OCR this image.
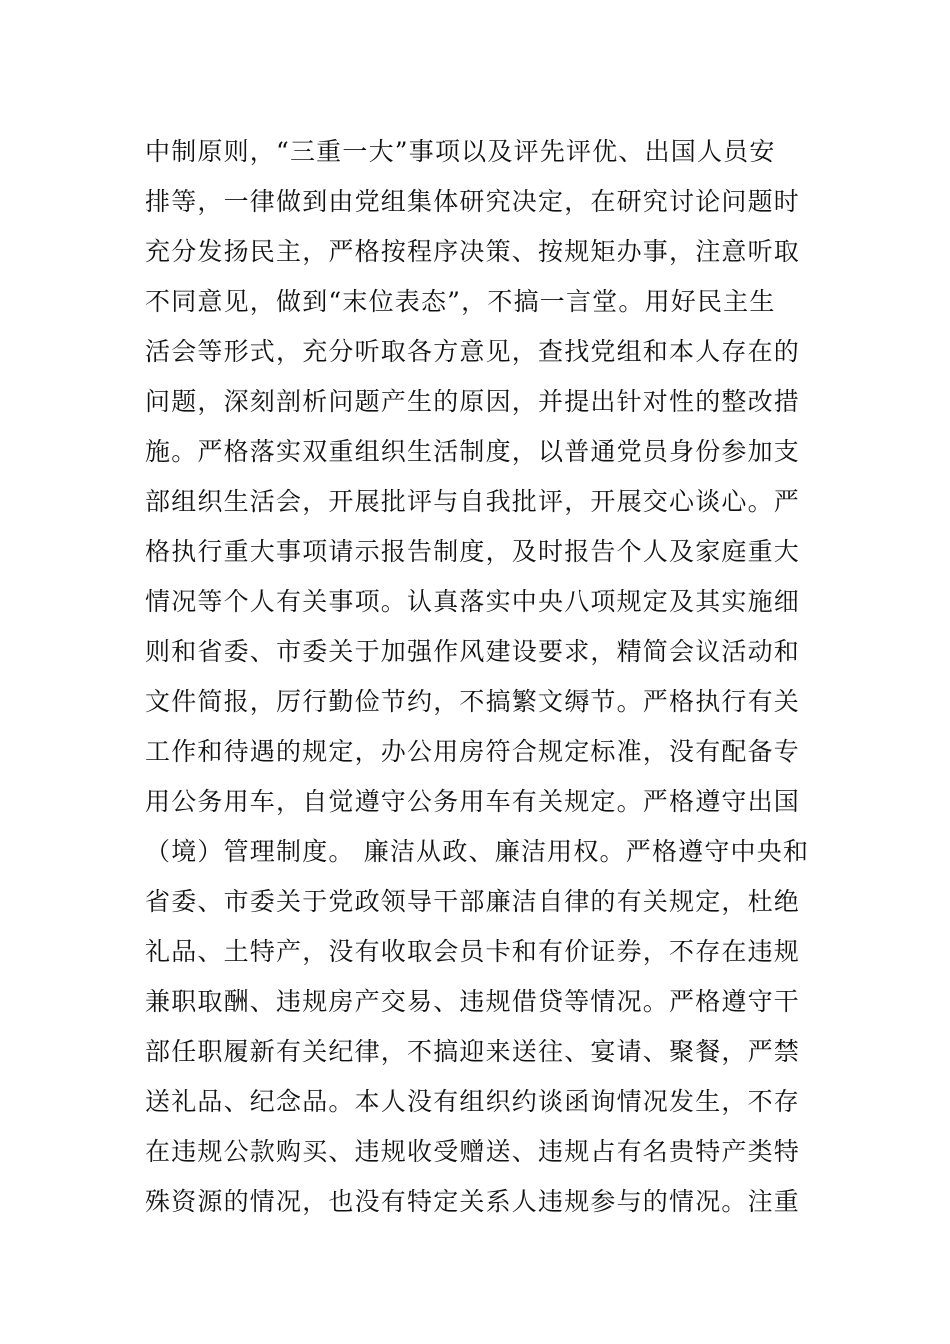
中制原则，“三重一大”事项以及评先评优、出国人员安
排等，一律做到由党组集体研究决定，在研究讨论问题时
充分发扬民主，严格按程序决策、按规矩办事，注意听取
不同意见，做到“末位表态”，不搞一言堂。用好民主生
活会等形式，充分听取各方意见，查找党组和本人存在的
问题，深刻剖析问题产生的原因，并提出针对性的整改措
施。严格落实双重组织生活制度，以普通党员身份参加支
部组织生活会，开展批评与自我批评，开展交心谈心。严
格执行重大事项请示报告制度，及时报告个人及家庭重大
情况等个人有关事项。认真落实中央八项规定及其实施细
则和省委、市委关于加强作风建设要求，精简会议活动和
文件简报，厉行勤俭节约，不搞繁文缛节。严格执行有关
工作和待遇的规定，办公用房符合规定标准，没有配备专
用公务用车，自觉遵守公务用车有关规定。严格遵守出国
（境）管理制度。 廉洁从政、廉洁用权。严格遵守中央和
省委、市委关于党政领导干部廉洁自律的有关规定，杜绝
礼品、土特产，没有收取会员卡和有价证券，不存在违规
兼职取酬、违规房产交易、违规借贷等情况。严格遵守干
部任职履新有关纪律，不搞迎来送往、宴请、聚餐，严禁
送礼品、纪念品。本人没有组织约谈函询情况发生，不存
在违规公款购买、违规收受赠送、违规占有名贵特产类特
殊资源的情况，也没有特定关系人违规参与的情况。注重
